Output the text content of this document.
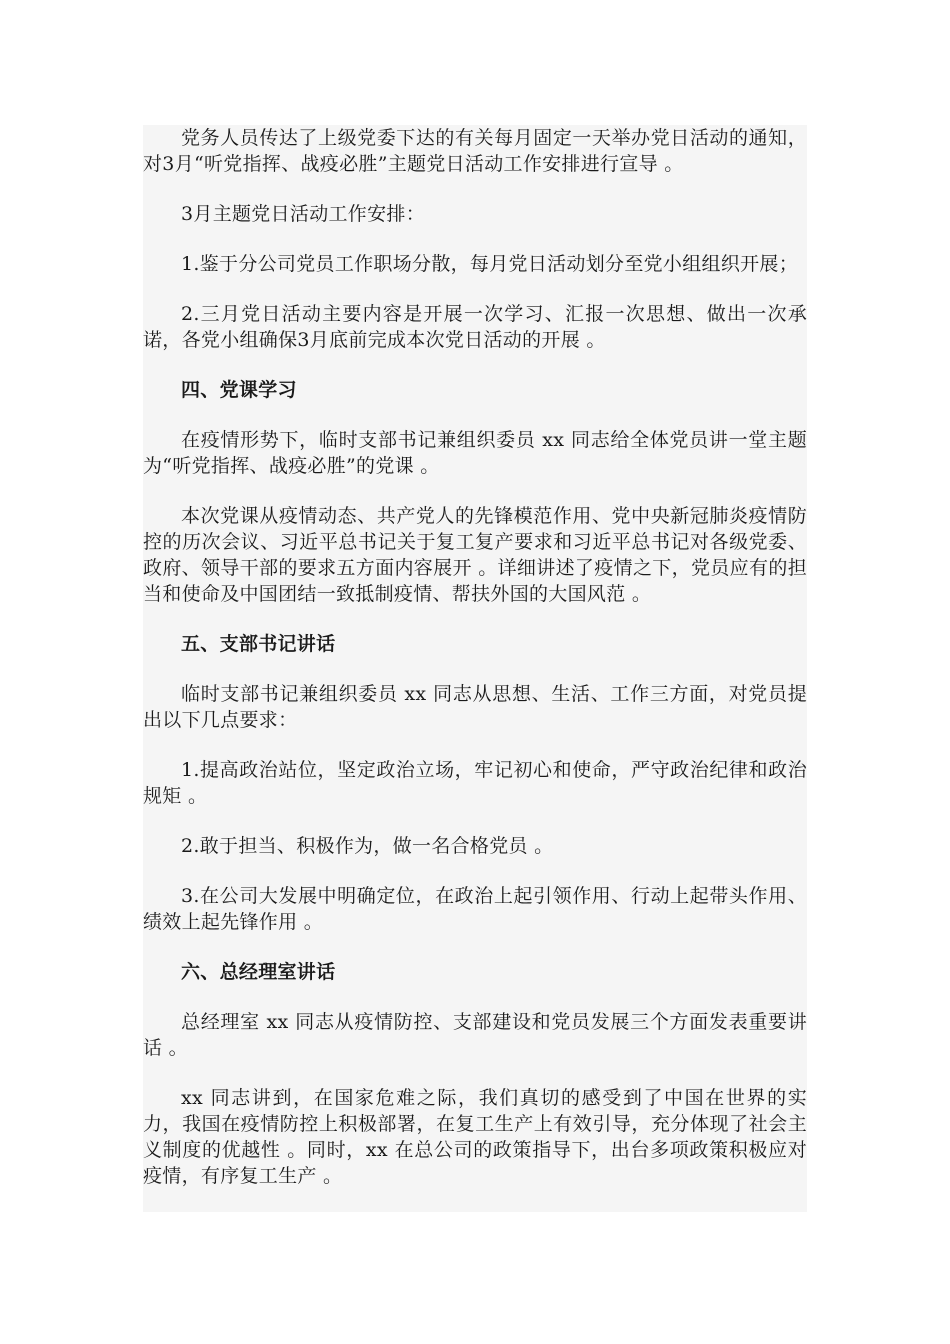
党务人员传达了上级党委下达的有关每月固定一天举办党日活动的通知，对3月“听党指挥、战疫必胜”主题党日活动工作安排进行宣导 。

3月主题党日活动工作安排：

1.鉴于分公司党员工作职场分散，每月党日活动划分至党小组组织开展；

2.三月党日活动主要内容是开展一次学习、汇报一次思想、做出一次承诺，各党小组确保3月底前完成本次党日活动的开展 。

四、党课学习

在疫情形势下，临时支部书记兼组织委员 xx 同志给全体党员讲一堂主题为“听党指挥、战疫必胜”的党课 。

本次党课从疫情动态、共产党人的先锋模范作用、党中央新冠肺炎疫情防控的历次会议、习近平总书记关于复工复产要求和习近平总书记对各级党委、政府、领导干部的要求五方面内容展开 。详细讲述了疫情之下，党员应有的担当和使命及中国团结一致抵制疫情、帮扶外国的大国风范 。

五、支部书记讲话

临时支部书记兼组织委员 xx 同志从思想、生活、工作三方面，对党员提出以下几点要求：

1.提高政治站位，坚定政治立场，牢记初心和使命，严守政治纪律和政治规矩 。

2.敢于担当、积极作为，做一名合格党员 。

3.在公司大发展中明确定位，在政治上起引领作用、行动上起带头作用、绩效上起先锋作用 。

六、总经理室讲话

总经理室 xx 同志从疫情防控、支部建设和党员发展三个方面发表重要讲话 。

xx 同志讲到，在国家危难之际，我们真切的感受到了中国在世界的实力，我国在疫情防控上积极部署，在复工生产上有效引导，充分体现了社会主义制度的优越性 。同时，xx 在总公司的政策指导下，出台多项政策积极应对疫情，有序复工生产 。
